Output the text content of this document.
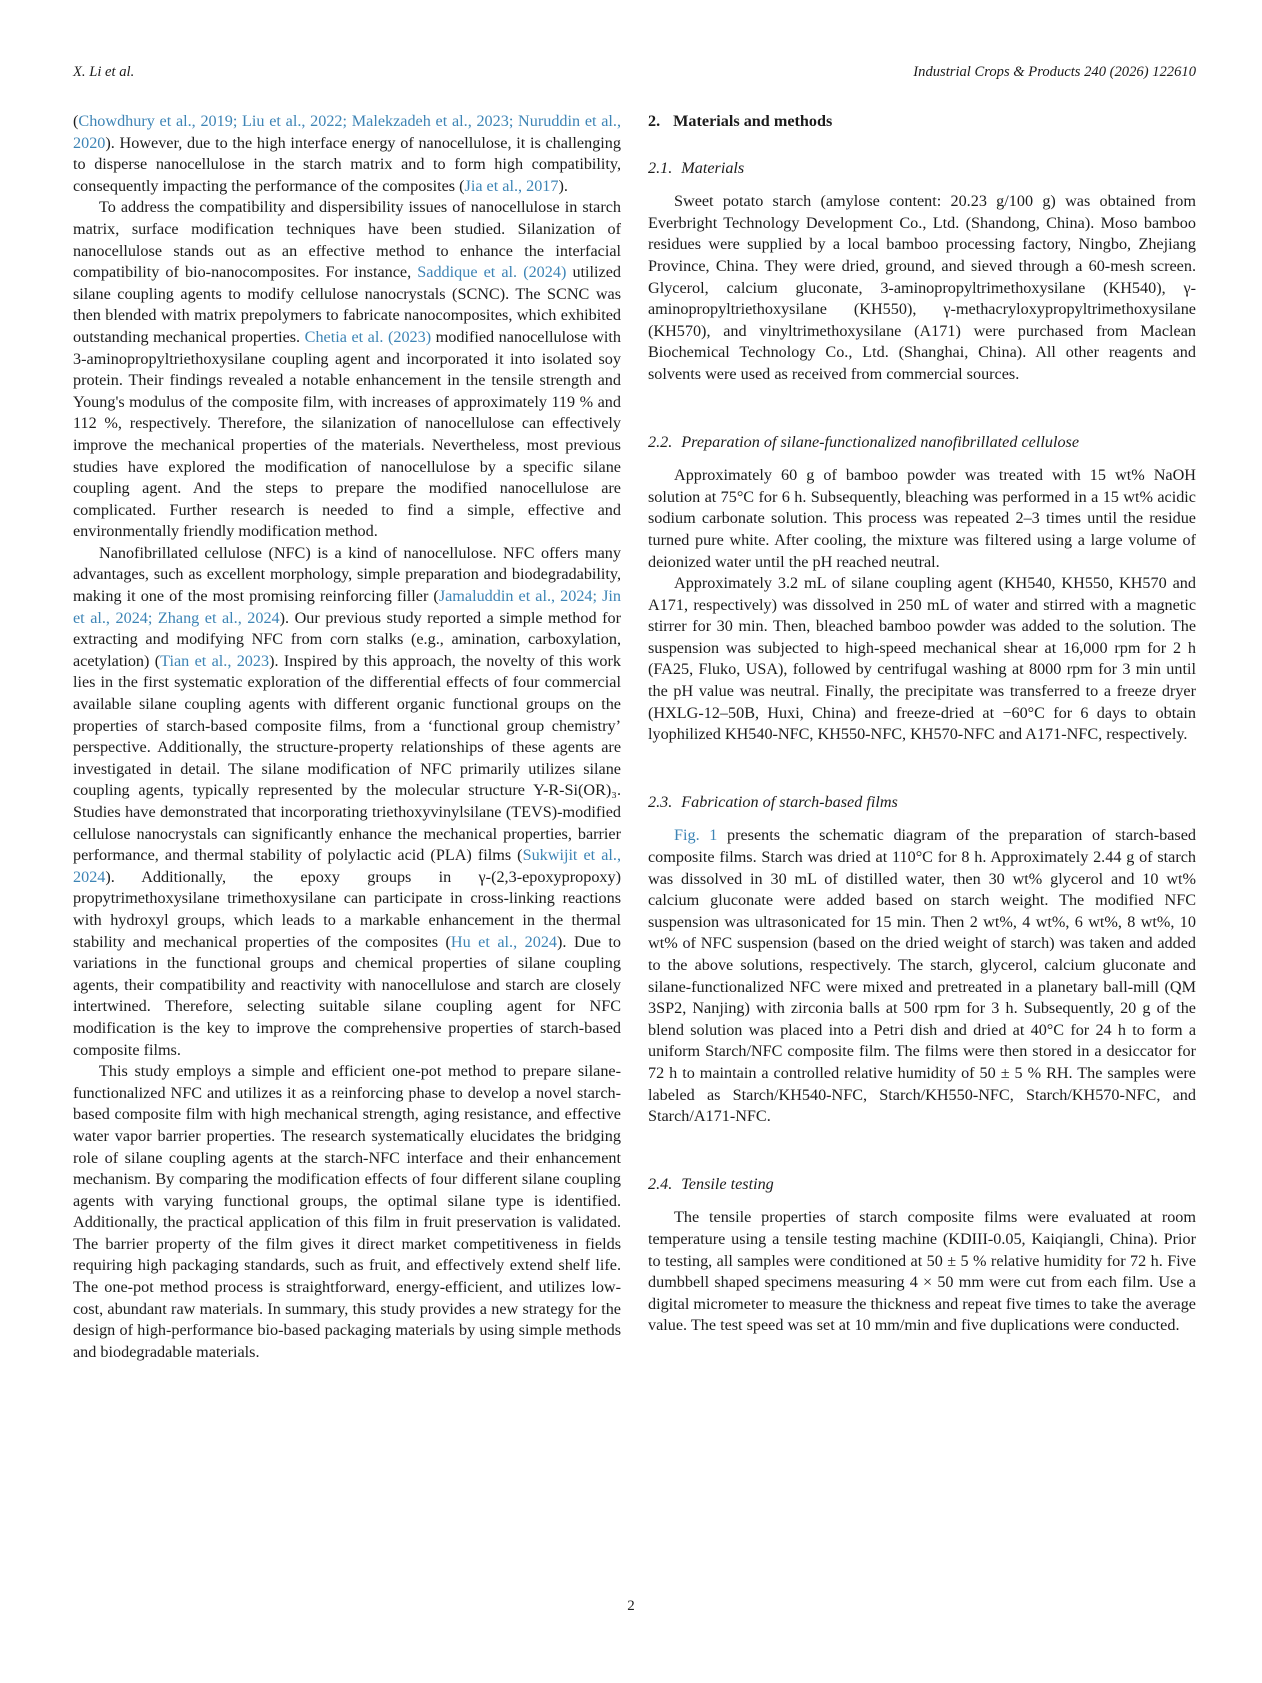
X. Li et al.	Industrial Crops & Products 240 (2026) 122610

(Chowdhury et al., 2019; Liu et al., 2022; Malekzadeh et al., 2023; Nuruddin et al., 2020). However, due to the high interface energy of nanocellulose, it is challenging to disperse nanocellulose in the starch matrix and to form high compatibility, consequently impacting the performance of the composites (Jia et al., 2017).

To address the compatibility and dispersibility issues of nanocellulose in starch matrix, surface modification techniques have been studied. Silanization of nanocellulose stands out as an effective method to enhance the interfacial compatibility of bio-nanocomposites. For instance, Saddique et al. (2024) utilized silane coupling agents to modify cellulose nanocrystals (SCNC). The SCNC was then blended with matrix prepolymers to fabricate nanocomposites, which exhibited outstanding mechanical properties. Chetia et al. (2023) modified nanocellulose with 3-aminopropyltriethoxysilane coupling agent and incorporated it into isolated soy protein. Their findings revealed a notable enhancement in the tensile strength and Young's modulus of the composite film, with increases of approximately 119 % and 112 %, respectively. Therefore, the silanization of nanocellulose can effectively improve the mechanical properties of the materials. Nevertheless, most previous studies have explored the modification of nanocellulose by a specific silane coupling agent. And the steps to prepare the modified nanocellulose are complicated. Further research is needed to find a simple, effective and environmentally friendly modification method.

Nanofibrillated cellulose (NFC) is a kind of nanocellulose. NFC offers many advantages, such as excellent morphology, simple preparation and biodegradability, making it one of the most promising reinforcing filler (Jamaluddin et al., 2024; Jin et al., 2024; Zhang et al., 2024). Our previous study reported a simple method for extracting and modifying NFC from corn stalks (e.g., amination, carboxylation, acetylation) (Tian et al., 2023). Inspired by this approach, the novelty of this work lies in the first systematic exploration of the differential effects of four commercial available silane coupling agents with different organic functional groups on the properties of starch-based composite films, from a ‘functional group chemistry’ perspective. Additionally, the structure-property relationships of these agents are investigated in detail. The silane modification of NFC primarily utilizes silane coupling agents, typically represented by the molecular structure Y-R-Si(OR)₃. Studies have demonstrated that incorporating triethoxyvinylsilane (TEVS)-modified cellulose nanocrystals can significantly enhance the mechanical properties, barrier performance, and thermal stability of polylactic acid (PLA) films (Sukwijit et al., 2024). Additionally, the epoxy groups in γ-(2,3-epoxypropoxy) propytrimethoxysilane trimethoxysilane can participate in cross-linking reactions with hydroxyl groups, which leads to a markable enhancement in the thermal stability and mechanical properties of the composites (Hu et al., 2024). Due to variations in the functional groups and chemical properties of silane coupling agents, their compatibility and reactivity with nanocellulose and starch are closely intertwined. Therefore, selecting suitable silane coupling agent for NFC modification is the key to improve the comprehensive properties of starch-based composite films.

This study employs a simple and efficient one-pot method to prepare silane- functionalized NFC and utilizes it as a reinforcing phase to develop a novel starch-based composite film with high mechanical strength, aging resistance, and effective water vapor barrier properties. The research systematically elucidates the bridging role of silane coupling agents at the starch-NFC interface and their enhancement mechanism. By comparing the modification effects of four different silane coupling agents with varying functional groups, the optimal silane type is identified. Additionally, the practical application of this film in fruit preservation is validated. The barrier property of the film gives it direct market competitiveness in fields requiring high packaging standards, such as fruit, and effectively extend shelf life. The one-pot method process is straightforward, energy-efficient, and utilizes low-cost, abundant raw materials. In summary, this study provides a new strategy for the design of high-performance bio-based packaging materials by using simple methods and biodegradable materials.

2. Materials and methods
2.1. Materials

Sweet potato starch (amylose content: 20.23 g/100 g) was obtained from Everbright Technology Development Co., Ltd. (Shandong, China). Moso bamboo residues were supplied by a local bamboo processing factory, Ningbo, Zhejiang Province, China. They were dried, ground, and sieved through a 60-mesh screen. Glycerol, calcium gluconate, 3-aminopropyltrimethoxysilane (KH540), γ-aminopropyltriethoxysilane (KH550), γ-methacryloxypropyltrimethoxysilane (KH570), and vinyltrimethoxysilane (A171) were purchased from Maclean Biochemical Technology Co., Ltd. (Shanghai, China). All other reagents and solvents were used as received from commercial sources.

2.2. Preparation of silane-functionalized nanofibrillated cellulose

Approximately 60 g of bamboo powder was treated with 15 wt% NaOH solution at 75°C for 6 h. Subsequently, bleaching was performed in a 15 wt% acidic sodium carbonate solution. This process was repeated 2–3 times until the residue turned pure white. After cooling, the mixture was filtered using a large volume of deionized water until the pH reached neutral.

Approximately 3.2 mL of silane coupling agent (KH540, KH550, KH570 and A171, respectively) was dissolved in 250 mL of water and stirred with a magnetic stirrer for 30 min. Then, bleached bamboo powder was added to the solution. The suspension was subjected to high-speed mechanical shear at 16,000 rpm for 2 h (FA25, Fluko, USA), followed by centrifugal washing at 8000 rpm for 3 min until the pH value was neutral. Finally, the precipitate was transferred to a freeze dryer (HXLG-12–50B, Huxi, China) and freeze-dried at −60°C for 6 days to obtain lyophilized KH540-NFC, KH550-NFC, KH570-NFC and A171-NFC, respectively.

2.3. Fabrication of starch-based films

Fig. 1 presents the schematic diagram of the preparation of starch-based composite films. Starch was dried at 110°C for 8 h. Approximately 2.44 g of starch was dissolved in 30 mL of distilled water, then 30 wt% glycerol and 10 wt% calcium gluconate were added based on starch weight. The modified NFC suspension was ultrasonicated for 15 min. Then 2 wt%, 4 wt%, 6 wt%, 8 wt%, 10 wt% of NFC suspension (based on the dried weight of starch) was taken and added to the above solutions, respectively. The starch, glycerol, calcium gluconate and silane-functionalized NFC were mixed and pretreated in a planetary ball-mill (QM 3SP2, Nanjing) with zirconia balls at 500 rpm for 3 h. Subsequently, 20 g of the blend solution was placed into a Petri dish and dried at 40°C for 24 h to form a uniform Starch/NFC composite film. The films were then stored in a desiccator for 72 h to maintain a controlled relative humidity of 50 ± 5 % RH. The samples were labeled as Starch/KH540-NFC, Starch/KH550-NFC, Starch/KH570-NFC, and Starch/A171-NFC.

2.4. Tensile testing

The tensile properties of starch composite films were evaluated at room temperature using a tensile testing machine (KDIII-0.05, Kaiqiangli, China). Prior to testing, all samples were conditioned at 50 ± 5 % relative humidity for 72 h. Five dumbbell shaped specimens measuring 4 × 50 mm were cut from each film. Use a digital micrometer to measure the thickness and repeat five times to take the average value. The test speed was set at 10 mm/min and five duplications were conducted.

2
